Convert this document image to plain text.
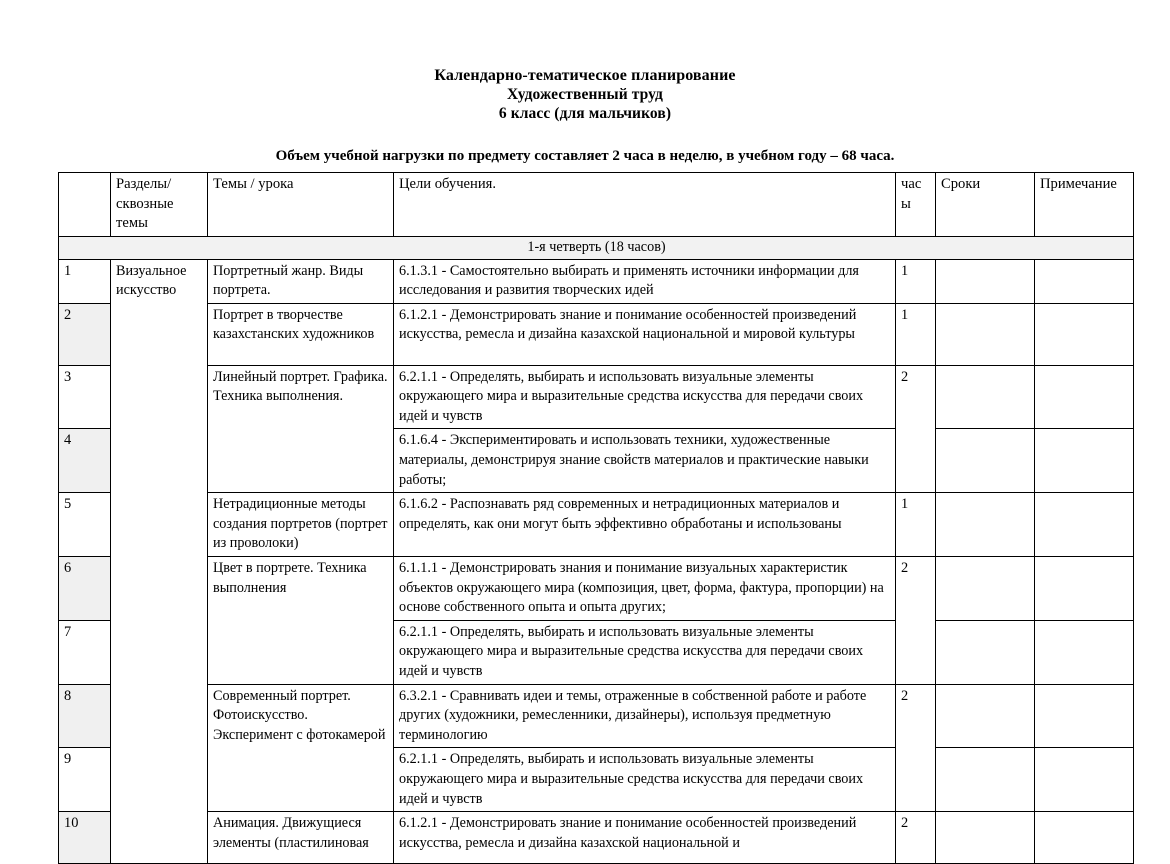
Календарно-тематическое планирование
Художественный труд
6 класс (для мальчиков)
Объем учебной нагрузки по предмету составляет 2 часа в неделю, в учебном году – 68 часа.
	Разделы/ сквозные темы	Темы / урока	Цели обучения.	часы	Сроки	Примечание
1-я четверть (18 часов)						
1	Визуальное искусство	Портретный жанр. Виды портрета.	6.1.3.1 - Самостоятельно выбирать и применять источники информации для исследования и развития творческих идей	1		
2		Портрет в творчестве казахстанских художников	6.1.2.1 - Демонстрировать знание и понимание особенностей произведений искусства, ремесла и дизайна казахской национальной и мировой культуры	1		
3		Линейный портрет. Графика. Техника выполнения.	6.2.1.1 - Определять, выбирать и использовать визуальные элементы окружающего мира и выразительные средства искусства для передачи своих идей и чувств	2		
4			6.1.6.4 - Экспериментировать и использовать техники, художественные материалы, демонстрируя знание свойств материалов и практические навыки работы;			
5		Нетрадиционные методы создания портретов (портрет из проволоки)	6.1.6.2 - Распознавать ряд современных и нетрадиционных материалов и определять, как они могут быть эффективно обработаны и использованы	1		
6		Цвет в портрете. Техника выполнения	6.1.1.1 - Демонстрировать знания и понимание визуальных характеристик объектов окружающего мира (композиция, цвет, форма, фактура, пропорции) на основе собственного опыта и опыта других;	2		
7			6.2.1.1 - Определять, выбирать и использовать визуальные элементы окружающего мира и выразительные средства искусства для передачи своих идей и чувств			
8		Современный портрет. Фотоискусство. Эксперимент с фотокамерой	6.3.2.1 - Сравнивать идеи и темы, отраженные в собственной работе и работе других (художники, ремесленники, дизайнеры), используя предметную терминологию	2		
9			6.2.1.1 - Определять, выбирать и использовать визуальные элементы окружающего мира и выразительные средства искусства для передачи своих идей и чувств			
10		Анимация. Движущиеся элементы (пластилиновая	6.1.2.1 - Демонстрировать знание и понимание особенностей произведений искусства, ремесла и дизайна казахской национальной и	2		
